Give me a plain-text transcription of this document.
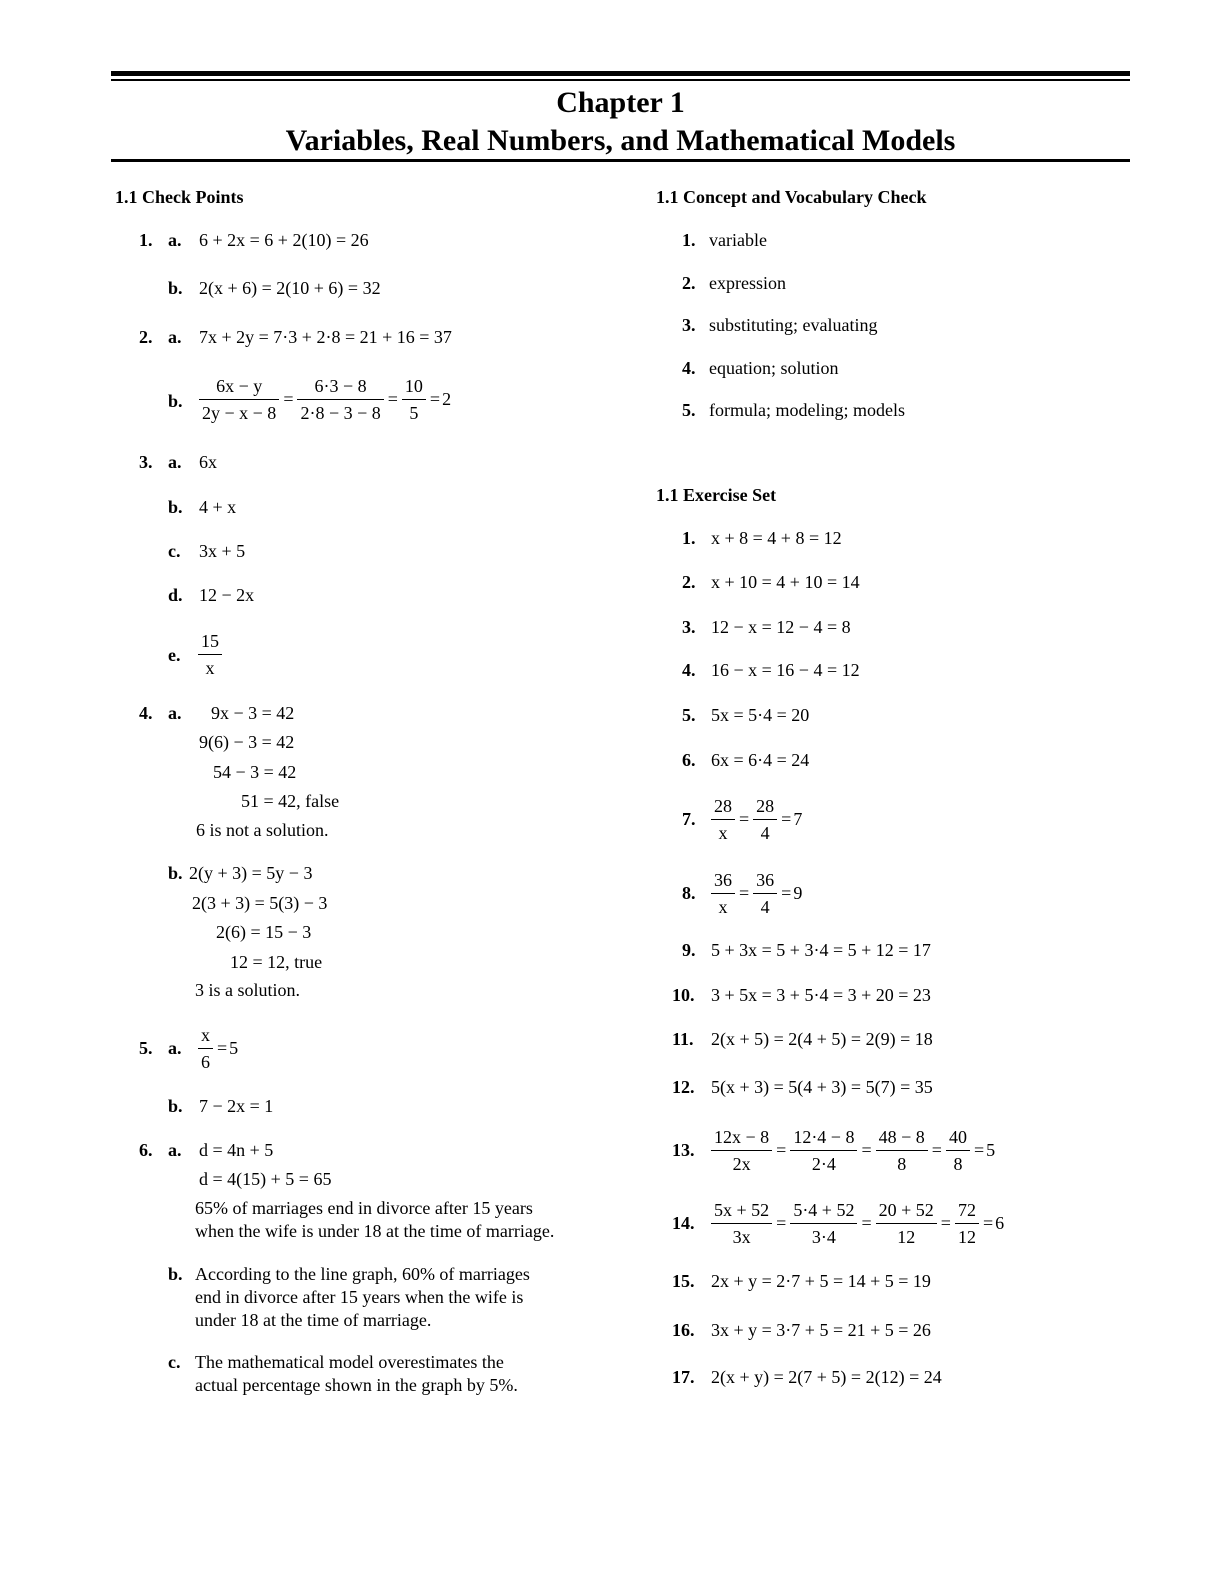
Chapter 1
Variables, Real Numbers, and Mathematical Models
1.1 Check Points
1. a. 6 + 2x = 6 + 2(10) = 26
b. 2(x + 6) = 2(10 + 6) = 32
2. a. 7x + 2y = 7·3 + 2·8 = 21 + 16 = 37
b. $\frac{6x - y}{2y - x - 8} = \frac{6\cdot 3 - 8}{2\cdot 8 - 3 - 8} = \frac{10}{5} = 2$
3. a. 6x
b. 4 + x
c. 3x + 5
d. 12 − 2x
e. $\frac{15}{x}$
4. a. 9x − 3 = 42
9(6) − 3 = 42
54 − 3 = 42
51 = 42, false
6 is not a solution.
b. 2(y + 3) = 5y − 3
2(3 + 3) = 5(3) − 3
2(6) = 15 − 3
12 = 12, true
3 is a solution.
5. a. $\frac{x}{6} = 5$
b. 7 − 2x = 1
6. a. d = 4n + 5
d = 4(15) + 5 = 65
65% of marriages end in divorce after 15 years
when the wife is under 18 at the time of marriage.
b. According to the line graph, 60% of marriages
end in divorce after 15 years when the wife is
under 18 at the time of marriage.
c. The mathematical model overestimates the
actual percentage shown in the graph by 5%.
1.1 Concept and Vocabulary Check
1. variable
2. expression
3. substituting; evaluating
4. equation; solution
5. formula; modeling; models
1.1 Exercise Set
1. x + 8 = 4 + 8 = 12
2. x + 10 = 4 + 10 = 14
3. 12 − x = 12 − 4 = 8
4. 16 − x = 16 − 4 = 12
5. 5x = 5·4 = 20
6. 6x = 6·4 = 24
7. $\frac{28}{x} = \frac{28}{4} = 7$
8. $\frac{36}{x} = \frac{36}{4} = 9$
9. 5 + 3x = 5 + 3·4 = 5 + 12 = 17
10. 3 + 5x = 3 + 5·4 = 3 + 20 = 23
11. 2(x + 5) = 2(4 + 5) = 2(9) = 18
12. 5(x + 3) = 5(4 + 3) = 5(7) = 35
13. $\frac{12x - 8}{2x} = \frac{12\cdot 4 - 8}{2\cdot 4} = \frac{48 - 8}{8} = \frac{40}{8} = 5$
14. $\frac{5x + 52}{3x} = \frac{5\cdot 4 + 52}{3\cdot 4} = \frac{20 + 52}{12} = \frac{72}{12} = 6$
15. 2x + y = 2·7 + 5 = 14 + 5 = 19
16. 3x + y = 3·7 + 5 = 21 + 5 = 26
17. 2(x + y) = 2(7 + 5) = 2(12) = 24
